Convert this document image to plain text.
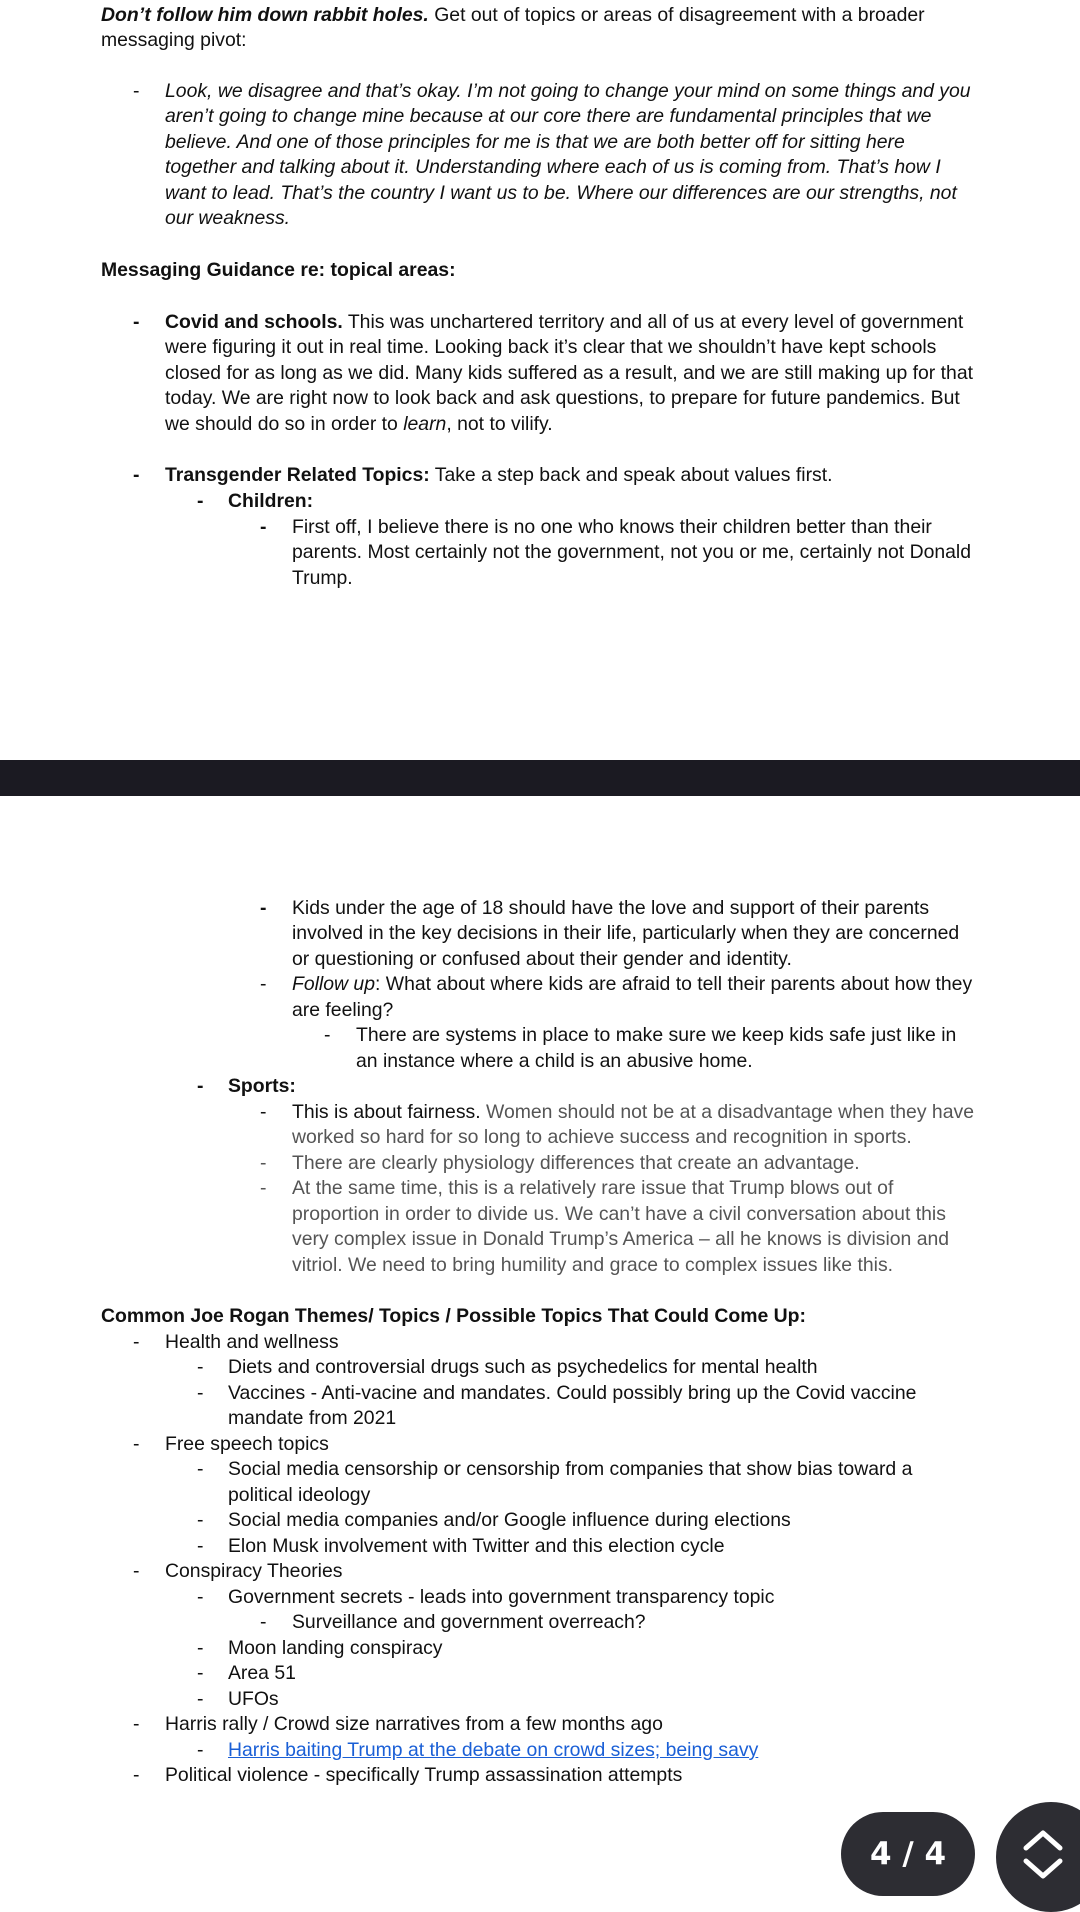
Don’t follow him down rabbit holes. Get out of topics or areas of disagreement with a broader
messaging pivot:
- Look, we disagree and that’s okay. I’m not going to change your mind on some things and you
aren’t going to change mine because at our core there are fundamental principles that we
believe. And one of those principles for me is that we are both better off for sitting here
together and talking about it. Understanding where each of us is coming from. That’s how I
want to lead. That’s the country I want us to be. Where our differences are our strengths, not
our weakness.
Messaging Guidance re: topical areas:
- Covid and schools. This was unchartered territory and all of us at every level of government
were figuring it out in real time. Looking back it’s clear that we shouldn’t have kept schools
closed for as long as we did. Many kids suffered as a result, and we are still making up for that
today. We are right now to look back and ask questions, to prepare for future pandemics. But
we should do so in order to learn, not to vilify.
- Transgender Related Topics: Take a step back and speak about values first.
- Children:
- First off, I believe there is no one who knows their children better than their
parents. Most certainly not the government, not you or me, certainly not Donald
Trump.
- Kids under the age of 18 should have the love and support of their parents
involved in the key decisions in their life, particularly when they are concerned
or questioning or confused about their gender and identity.
- Follow up: What about where kids are afraid to tell their parents about how they
are feeling?
- There are systems in place to make sure we keep kids safe just like in
an instance where a child is an abusive home.
- Sports:
- This is about fairness. Women should not be at a disadvantage when they have
worked so hard for so long to achieve success and recognition in sports.
- There are clearly physiology differences that create an advantage.
- At the same time, this is a relatively rare issue that Trump blows out of
proportion in order to divide us. We can’t have a civil conversation about this
very complex issue in Donald Trump’s America – all he knows is division and
vitriol. We need to bring humility and grace to complex issues like this.
Common Joe Rogan Themes/ Topics / Possible Topics That Could Come Up:
- Health and wellness
- Diets and controversial drugs such as psychedelics for mental health
- Vaccines - Anti-vacine and mandates. Could possibly bring up the Covid vaccine
mandate from 2021
- Free speech topics
- Social media censorship or censorship from companies that show bias toward a
political ideology
- Social media companies and/or Google influence during elections
- Elon Musk involvement with Twitter and this election cycle
- Conspiracy Theories
- Government secrets - leads into government transparency topic
- Surveillance and government overreach?
- Moon landing conspiracy
- Area 51
- UFOs
- Harris rally / Crowd size narratives from a few months ago
- Harris baiting Trump at the debate on crowd sizes; being savy
- Political violence - specifically Trump assassination attempts
4 / 4
